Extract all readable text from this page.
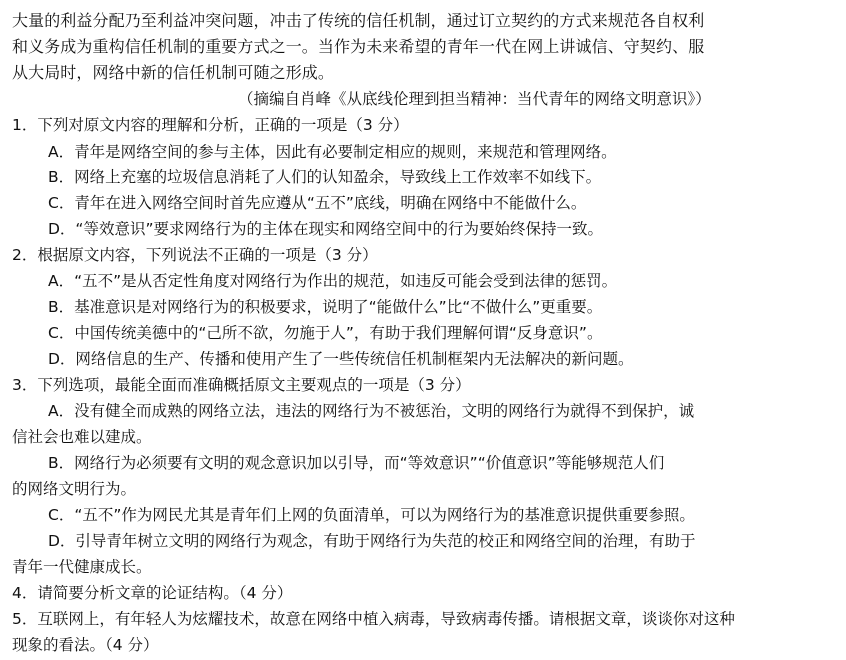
大量的利益分配乃至利益冲突问题，冲击了传统的信任机制，通过订立契约的方式来规范各自权利
和义务成为重构信任机制的重要方式之一。当作为未来希望的青年一代在网上讲诚信、守契约、服
从大局时，网络中新的信任机制可随之形成。
（摘编自肖峰《从底线伦理到担当精神：当代青年的网络文明意识》）
1．下列对原文内容的理解和分析，正确的一项是（3 分）
A．青年是网络空间的参与主体，因此有必要制定相应的规则，来规范和管理网络。
B．网络上充塞的垃圾信息消耗了人们的认知盈余，导致线上工作效率不如线下。
C．青年在进入网络空间时首先应遵从“五不”底线，明确在网络中不能做什么。
D．“等效意识”要求网络行为的主体在现实和网络空间中的行为要始终保持一致。
2．根据原文内容，下列说法不正确的一项是（3 分）
A．“五不”是从否定性角度对网络行为作出的规范，如违反可能会受到法律的惩罚。
B．基准意识是对网络行为的积极要求，说明了“能做什么”比“不做什么”更重要。
C．中国传统美德中的“己所不欲，勿施于人”，有助于我们理解何谓“反身意识”。
D．网络信息的生产、传播和使用产生了一些传统信任机制框架内无法解决的新问题。
3．下列选项，最能全面而准确概括原文主要观点的一项是（3 分）
A．没有健全而成熟的网络立法，违法的网络行为不被惩治，文明的网络行为就得不到保护，诚
信社会也难以建成。
B．网络行为必须要有文明的观念意识加以引导，而“等效意识”“价值意识”等能够规范人们
的网络文明行为。
C．“五不”作为网民尤其是青年们上网的负面清单，可以为网络行为的基准意识提供重要参照。
D．引导青年树立文明的网络行为观念，有助于网络行为失范的校正和网络空间的治理，有助于
青年一代健康成长。
4．请简要分析文章的论证结构。（4 分）
5．互联网上，有年轻人为炫耀技术，故意在网络中植入病毒，导致病毒传播。请根据文章，谈谈你对这种
现象的看法。（4 分）
